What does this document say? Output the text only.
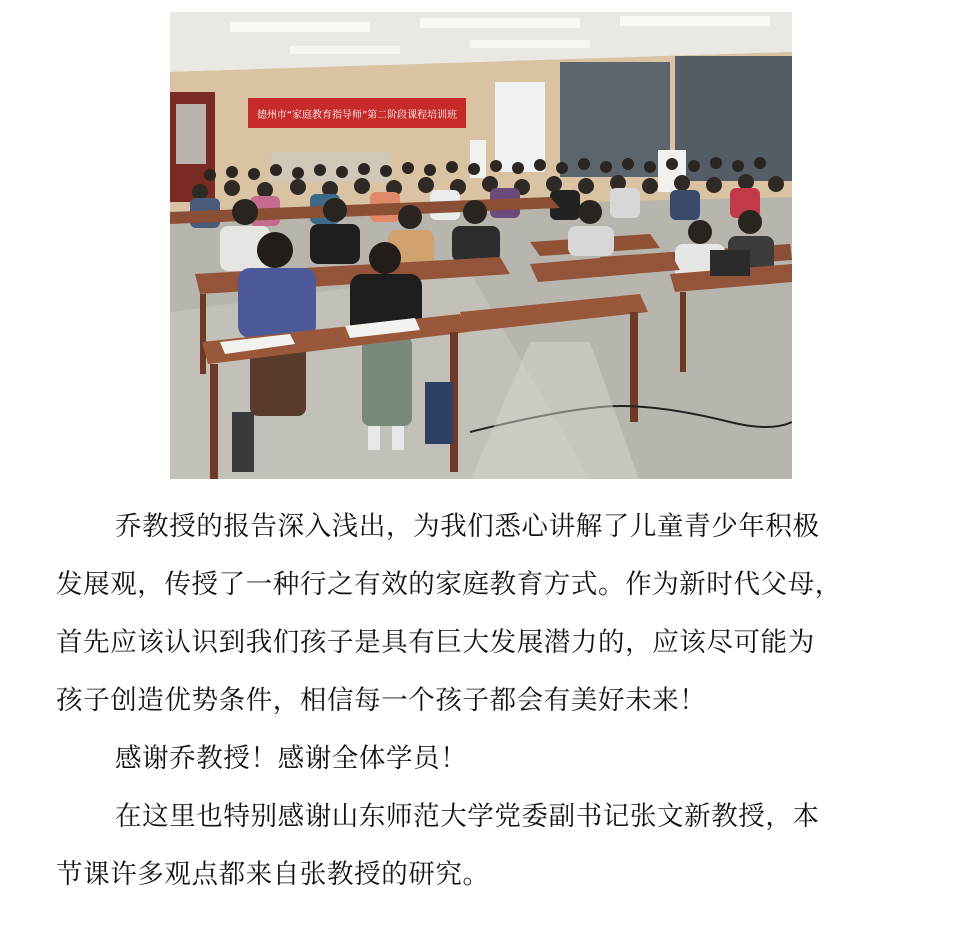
德州市“家庭教育指导师”第二阶段课程培训班

乔教授的报告深入浅出，为我们悉心讲解了儿童青少年积极
发展观，传授了一种行之有效的家庭教育方式。作为新时代父母，
首先应该认识到我们孩子是具有巨大发展潜力的，应该尽可能为
孩子创造优势条件，相信每一个孩子都会有美好未来！

感谢乔教授！感谢全体学员！

在这里也特别感谢山东师范大学党委副书记张文新教授，本
节课许多观点都来自张教授的研究。
